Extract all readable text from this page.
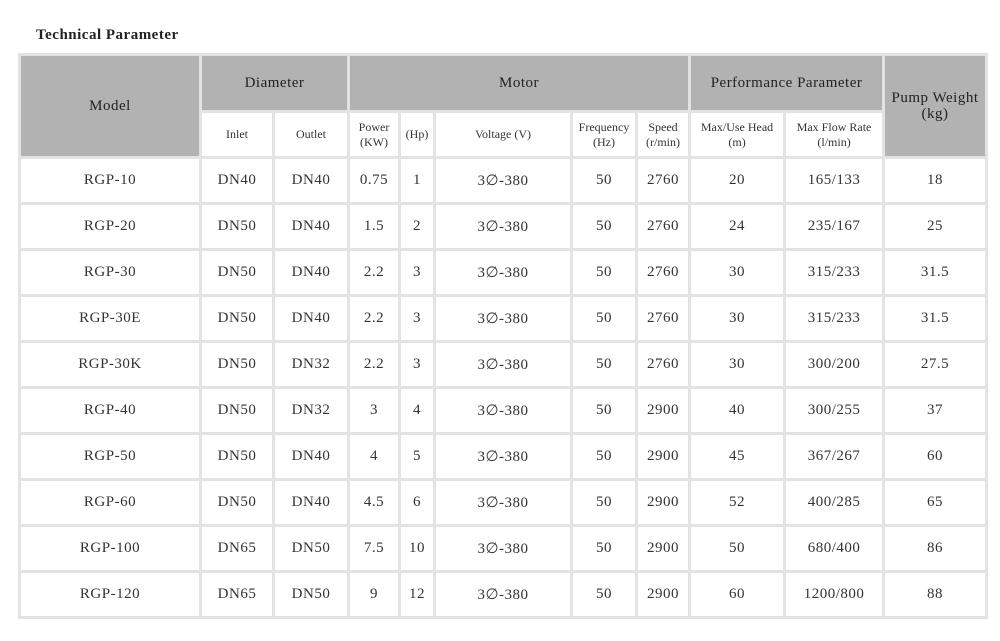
Technical Parameter
Model	Diameter		Motor					Performance Parameter		Pump Weight (kg)
	Inlet	Outlet	Power (KW)	(Hp)	Voltage (V)	Frequency (Hz)	Speed (r/min)	Max/Use Head (m)	Max Flow Rate (l/min)	
RGP-10	DN40	DN40	0.75	1	3∅-380	50	2760	20	165/133	18
RGP-20	DN50	DN40	1.5	2	3∅-380	50	2760	24	235/167	25
RGP-30	DN50	DN40	2.2	3	3∅-380	50	2760	30	315/233	31.5
RGP-30E	DN50	DN40	2.2	3	3∅-380	50	2760	30	315/233	31.5
RGP-30K	DN50	DN32	2.2	3	3∅-380	50	2760	30	300/200	27.5
RGP-40	DN50	DN32	3	4	3∅-380	50	2900	40	300/255	37
RGP-50	DN50	DN40	4	5	3∅-380	50	2900	45	367/267	60
RGP-60	DN50	DN40	4.5	6	3∅-380	50	2900	52	400/285	65
RGP-100	DN65	DN50	7.5	10	3∅-380	50	2900	50	680/400	86
RGP-120	DN65	DN50	9	12	3∅-380	50	2900	60	1200/800	88
